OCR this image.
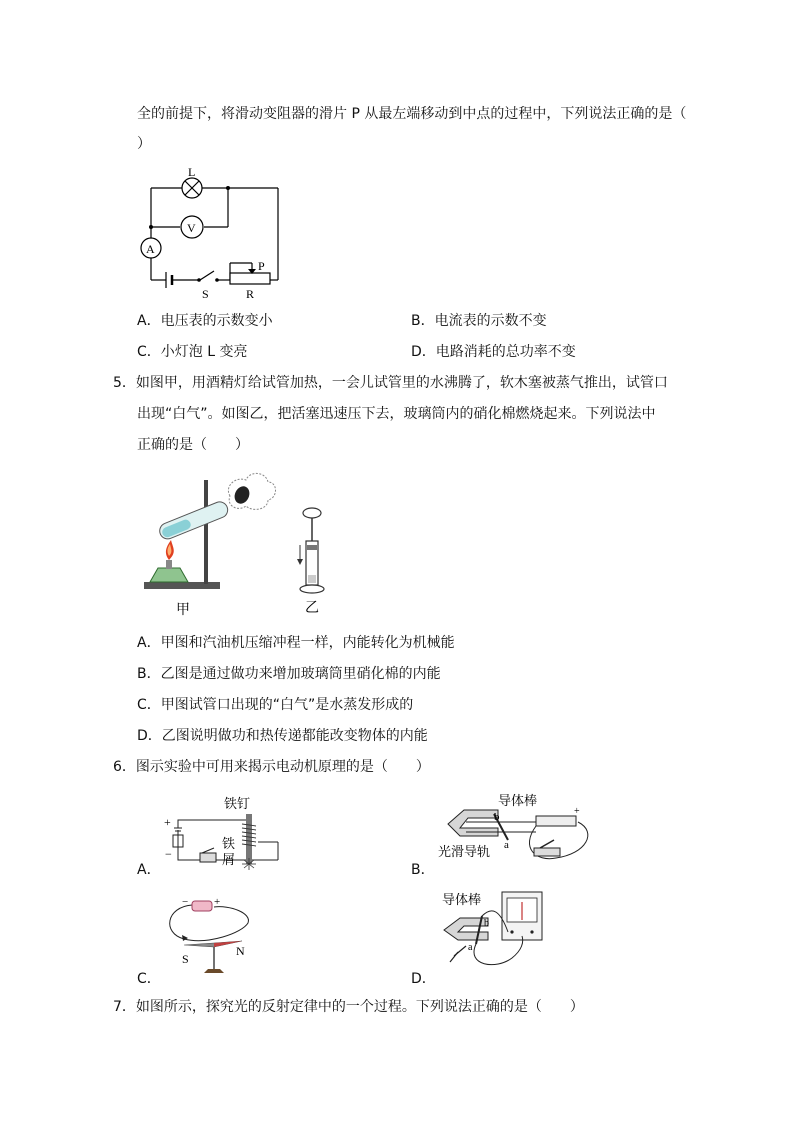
全的前提下，将滑动变阻器的滑片 P 从最左端移动到中点的过程中，下列说法正确的是（
）
L
V
A
P
S	R
A．电压表的示数变小	B．电流表的示数不变
C．小灯泡 L 变亮	D．电路消耗的总功率不变
5．如图甲，用酒精灯给试管加热，一会儿试管里的水沸腾了，软木塞被蒸气推出，试管口
出现“白气”。如图乙，把活塞迅速压下去，玻璃筒内的硝化棉燃烧起来。下列说法中
正确的是（　　）
甲	乙
A．甲图和汽油机压缩冲程一样，内能转化为机械能
B．乙图是通过做功来增加玻璃筒里硝化棉的内能
C．甲图试管口出现的“白气”是水蒸发形成的
D．乙图说明做功和热传递都能改变物体的内能
6．图示实验中可用来揭示电动机原理的是（　　）
A．
铁钉
铁
屑
+
−
B．
导体棒
b
a
+
光滑导轨
C．
− +
S
N
D．
导体棒
b
a
7．如图所示，探究光的反射定律中的一个过程。下列说法正确的是（　　）
